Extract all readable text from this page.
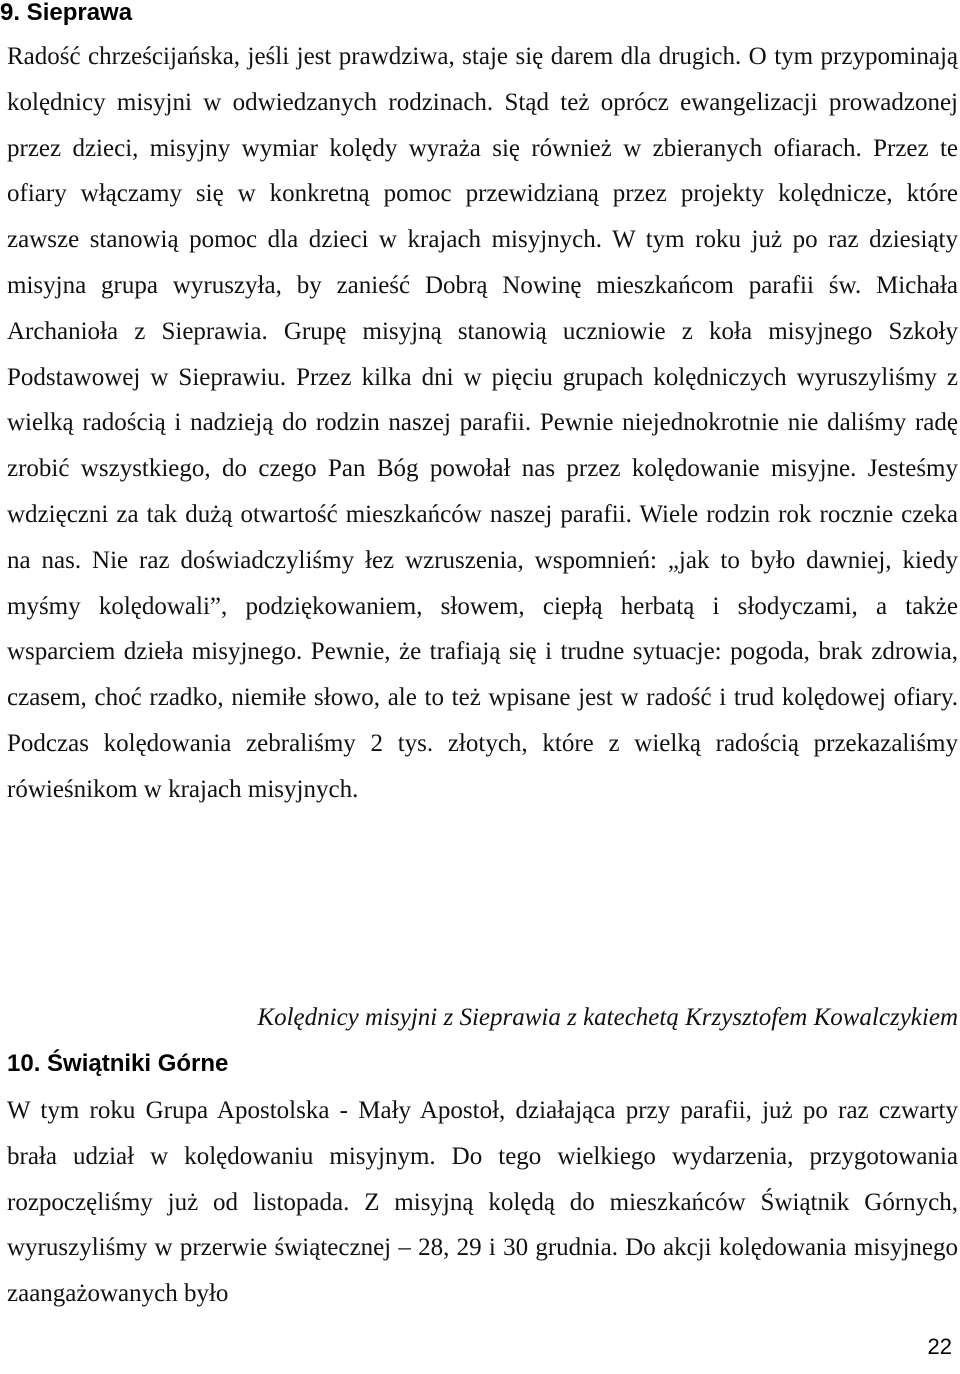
9. Sieprawa

Radość chrześcijańska, jeśli jest prawdziwa, staje się darem dla drugich. O tym przypominają kolędnicy misyjni w odwiedzanych rodzinach. Stąd też oprócz ewangelizacji prowadzonej przez dzieci, misyjny wymiar kolędy wyraża się również w zbieranych ofiarach. Przez te ofiary włączamy się w konkretną pomoc przewidzianą przez projekty kolędnicze, które zawsze stanowią pomoc dla dzieci w krajach misyjnych. W tym roku już po raz dziesiąty misyjna grupa wyruszyła, by zanieść Dobrą Nowinę mieszkańcom parafii św. Michała Archanioła z Sieprawia. Grupę misyjną stanowią uczniowie z koła misyjnego Szkoły Podstawowej w Sieprawiu. Przez kilka dni w pięciu grupach kolędniczych wyruszyliśmy z wielką radością i nadzieją do rodzin naszej parafii. Pewnie niejednokrotnie nie daliśmy radę zrobić wszystkiego, do czego Pan Bóg powołał nas przez kolędowanie misyjne. Jesteśmy wdzięczni za tak dużą otwartość mieszkańców naszej parafii. Wiele rodzin rok rocznie czeka na nas. Nie raz doświadczyliśmy łez wzruszenia, wspomnień: „jak to było dawniej, kiedy myśmy kolędowali”, podziękowaniem, słowem, ciepłą herbatą i słodyczami, a także wsparciem dzieła misyjnego. Pewnie, że trafiają się i trudne sytuacje: pogoda, brak zdrowia, czasem, choć rzadko, niemiłe słowo, ale to też wpisane jest w radość i trud kolędowej ofiary. Podczas kolędowania zebraliśmy 2 tys. złotych, które z wielką radością przekazaliśmy rówieśnikom w krajach misyjnych.

Kolędnicy misyjni z Sieprawia z katechetą Krzysztofem Kowalczykiem
10. Świątniki Górne

W tym roku Grupa Apostolska - Mały Apostoł, działająca przy parafii, już po raz czwarty brała udział w kolędowaniu misyjnym. Do tego wielkiego wydarzenia, przygotowania rozpoczęliśmy już od listopada. Z misyjną kolędą do mieszkańców Świątnik Górnych, wyruszyliśmy w przerwie świątecznej – 28, 29 i 30 grudnia. Do akcji kolędowania misyjnego zaangażowanych było

22
